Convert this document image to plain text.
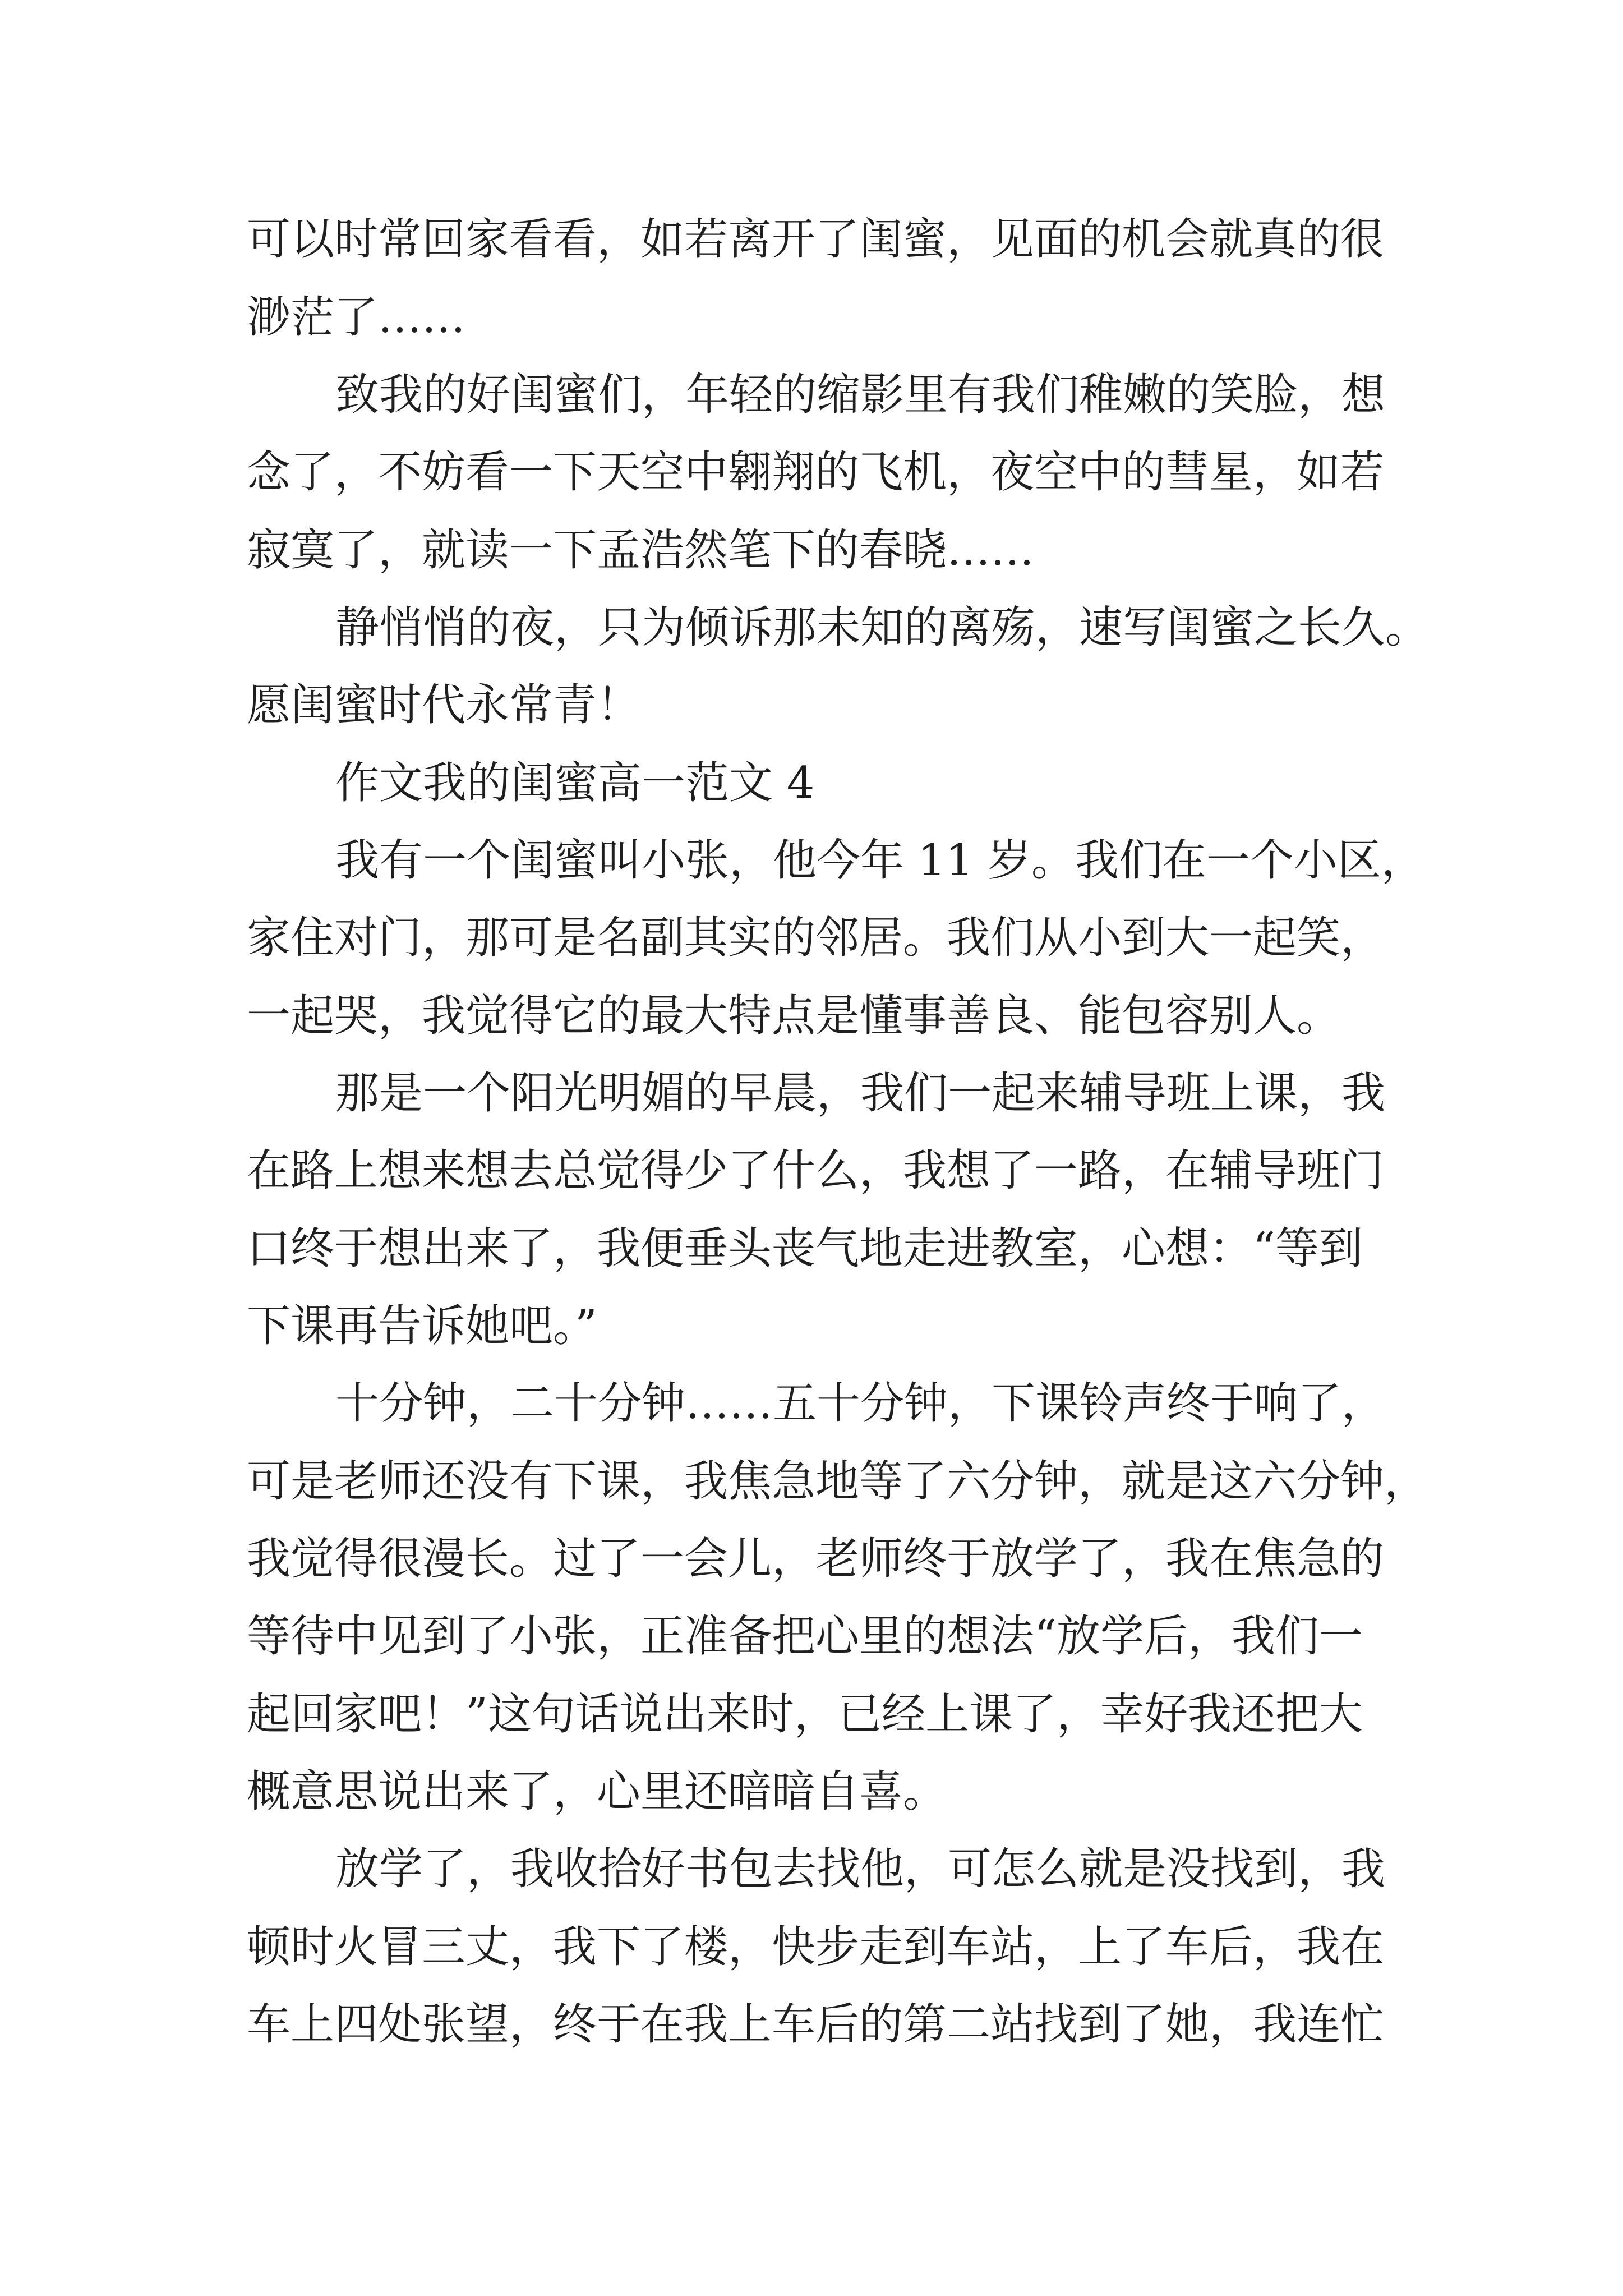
可以时常回家看看，如若离开了闺蜜，见面的机会就真的很

渺茫了……

致我的好闺蜜们，年轻的缩影里有我们稚嫩的笑脸，想

念了，不妨看一下天空中翱翔的飞机，夜空中的彗星，如若

寂寞了，就读一下孟浩然笔下的春晓……

静悄悄的夜，只为倾诉那未知的离殇，速写闺蜜之长久。

愿闺蜜时代永常青！

作文我的闺蜜高一范文 4

我有一个闺蜜叫小张，他今年 11 岁。我们在一个小区，

家住对门，那可是名副其实的邻居。我们从小到大一起笑，

一起哭，我觉得它的最大特点是懂事善良、能包容别人。

那是一个阳光明媚的早晨，我们一起来辅导班上课，我

在路上想来想去总觉得少了什么，我想了一路，在辅导班门

口终于想出来了，我便垂头丧气地走进教室，心想：“等到

下课再告诉她吧。”

十分钟，二十分钟……五十分钟，下课铃声终于响了，

可是老师还没有下课，我焦急地等了六分钟，就是这六分钟，

我觉得很漫长。过了一会儿，老师终于放学了，我在焦急的

等待中见到了小张，正准备把心里的想法“放学后，我们一

起回家吧！”这句话说出来时，已经上课了，幸好我还把大

概意思说出来了，心里还暗暗自喜。

放学了，我收拾好书包去找他，可怎么就是没找到，我

顿时火冒三丈，我下了楼，快步走到车站，上了车后，我在

车上四处张望，终于在我上车后的第二站找到了她，我连忙
